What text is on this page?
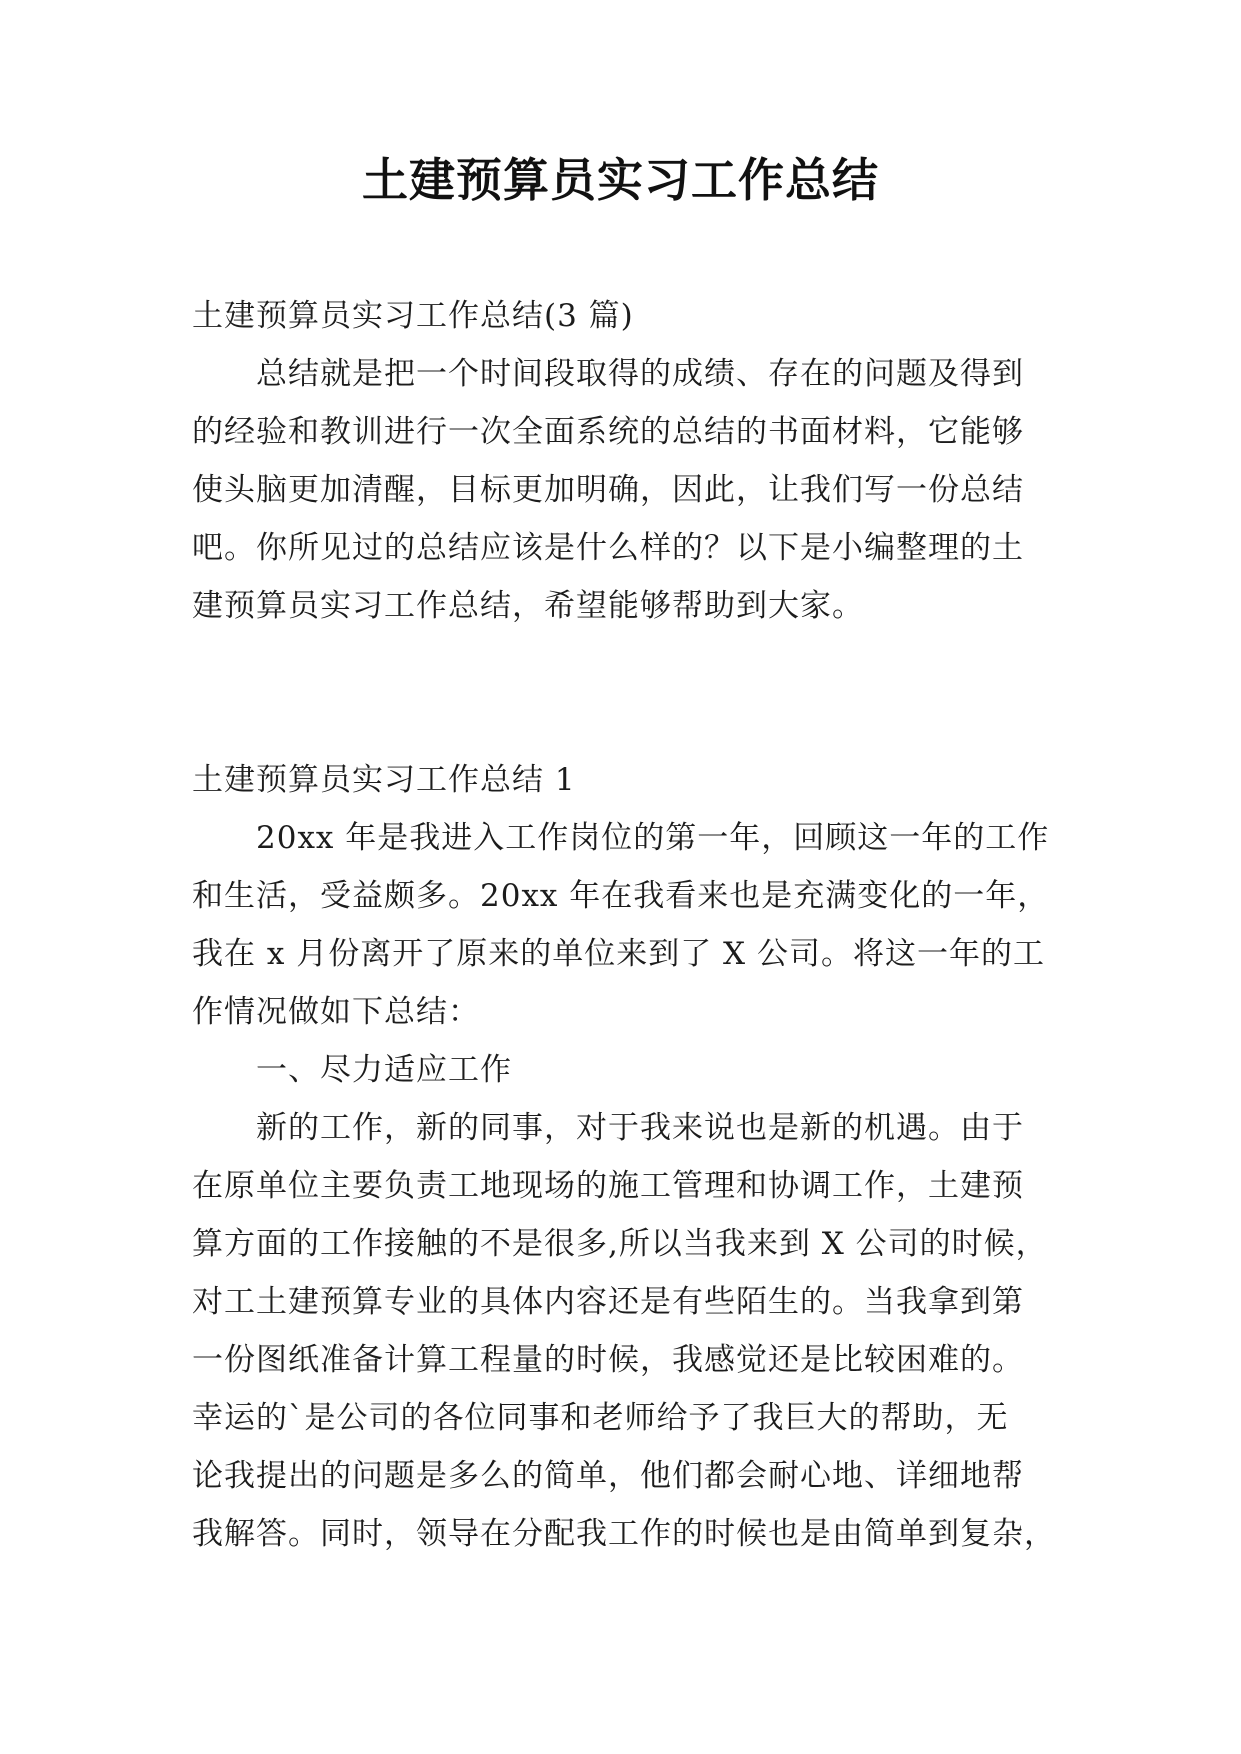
土建预算员实习工作总结
土建预算员实习工作总结(3 篇)
总结就是把一个时间段取得的成绩、存在的问题及得到
的经验和教训进行一次全面系统的总结的书面材料，它能够
使头脑更加清醒，目标更加明确，因此，让我们写一份总结
吧。你所见过的总结应该是什么样的？以下是小编整理的土
建预算员实习工作总结，希望能够帮助到大家。
土建预算员实习工作总结 1
20xx 年是我进入工作岗位的第一年，回顾这一年的工作
和生活，受益颇多。20xx 年在我看来也是充满变化的一年，
我在 x 月份离开了原来的单位来到了 X 公司。将这一年的工
作情况做如下总结：
一、尽力适应工作
新的工作，新的同事，对于我来说也是新的机遇。由于
在原单位主要负责工地现场的施工管理和协调工作，土建预
算方面的工作接触的不是很多,所以当我来到 X 公司的时候，
对工土建预算专业的具体内容还是有些陌生的。当我拿到第
一份图纸准备计算工程量的时候，我感觉还是比较困难的。
幸运的`是公司的各位同事和老师给予了我巨大的帮助，无
论我提出的问题是多么的简单，他们都会耐心地、详细地帮
我解答。同时，领导在分配我工作的时候也是由简单到复杂，
